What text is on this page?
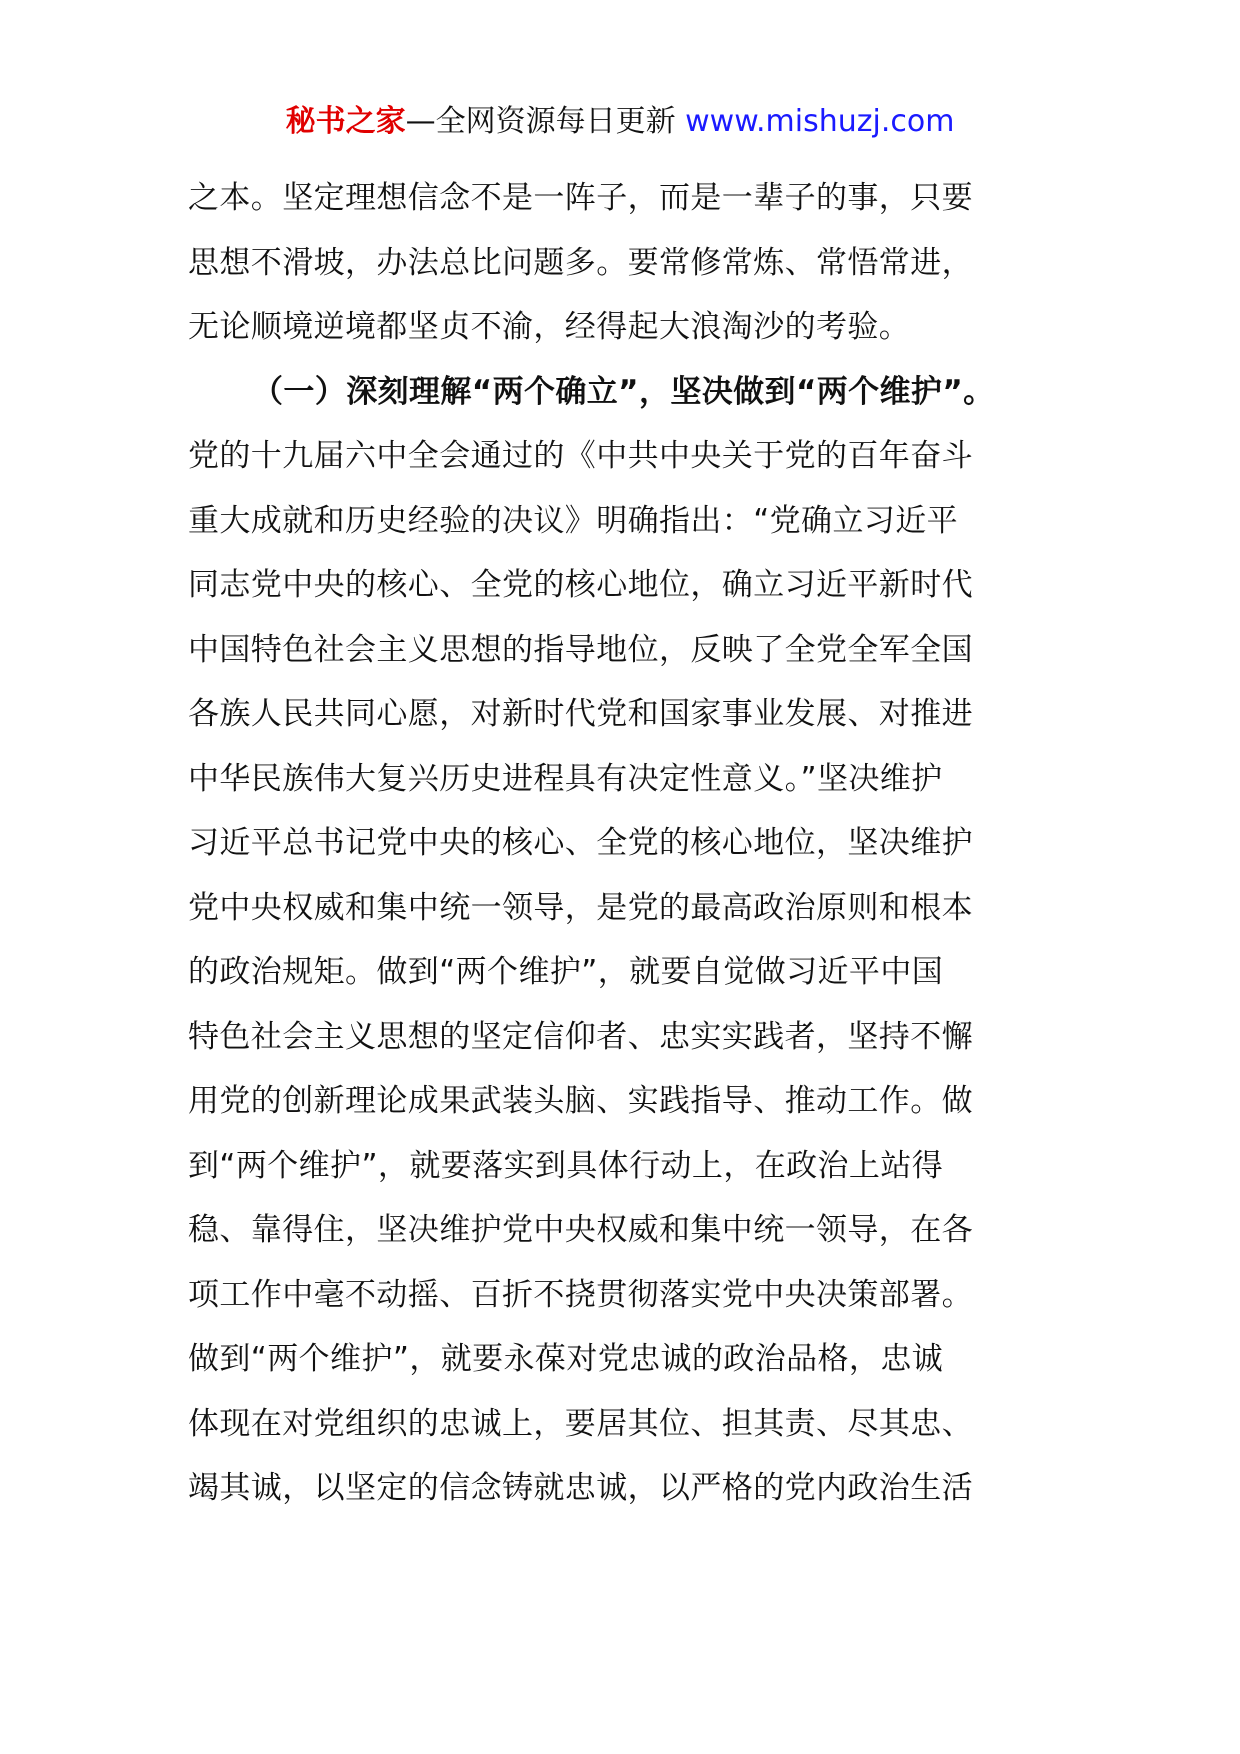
秘书之家—全网资源每日更新 www.mishuzj.com
之本。坚定理想信念不是一阵子，而是一辈子的事，只要
思想不滑坡，办法总比问题多。要常修常炼、常悟常进，
无论顺境逆境都坚贞不渝，经得起大浪淘沙的考验。
（一）深刻理解“两个确立”，坚决做到“两个维护”。
党的十九届六中全会通过的《中共中央关于党的百年奋斗
重大成就和历史经验的决议》明确指出：“党确立习近平
同志党中央的核心、全党的核心地位，确立习近平新时代
中国特色社会主义思想的指导地位，反映了全党全军全国
各族人民共同心愿，对新时代党和国家事业发展、对推进
中华民族伟大复兴历史进程具有决定性意义。”坚决维护
习近平总书记党中央的核心、全党的核心地位，坚决维护
党中央权威和集中统一领导，是党的最高政治原则和根本
的政治规矩。做到“两个维护”，就要自觉做习近平中国
特色社会主义思想的坚定信仰者、忠实实践者，坚持不懈
用党的创新理论成果武装头脑、实践指导、推动工作。做
到“两个维护”，就要落实到具体行动上，在政治上站得
稳、靠得住，坚决维护党中央权威和集中统一领导，在各
项工作中毫不动摇、百折不挠贯彻落实党中央决策部署。
做到“两个维护”，就要永葆对党忠诚的政治品格，忠诚
体现在对党组织的忠诚上，要居其位、担其责、尽其忠、
竭其诚，以坚定的信念铸就忠诚，以严格的党内政治生活
